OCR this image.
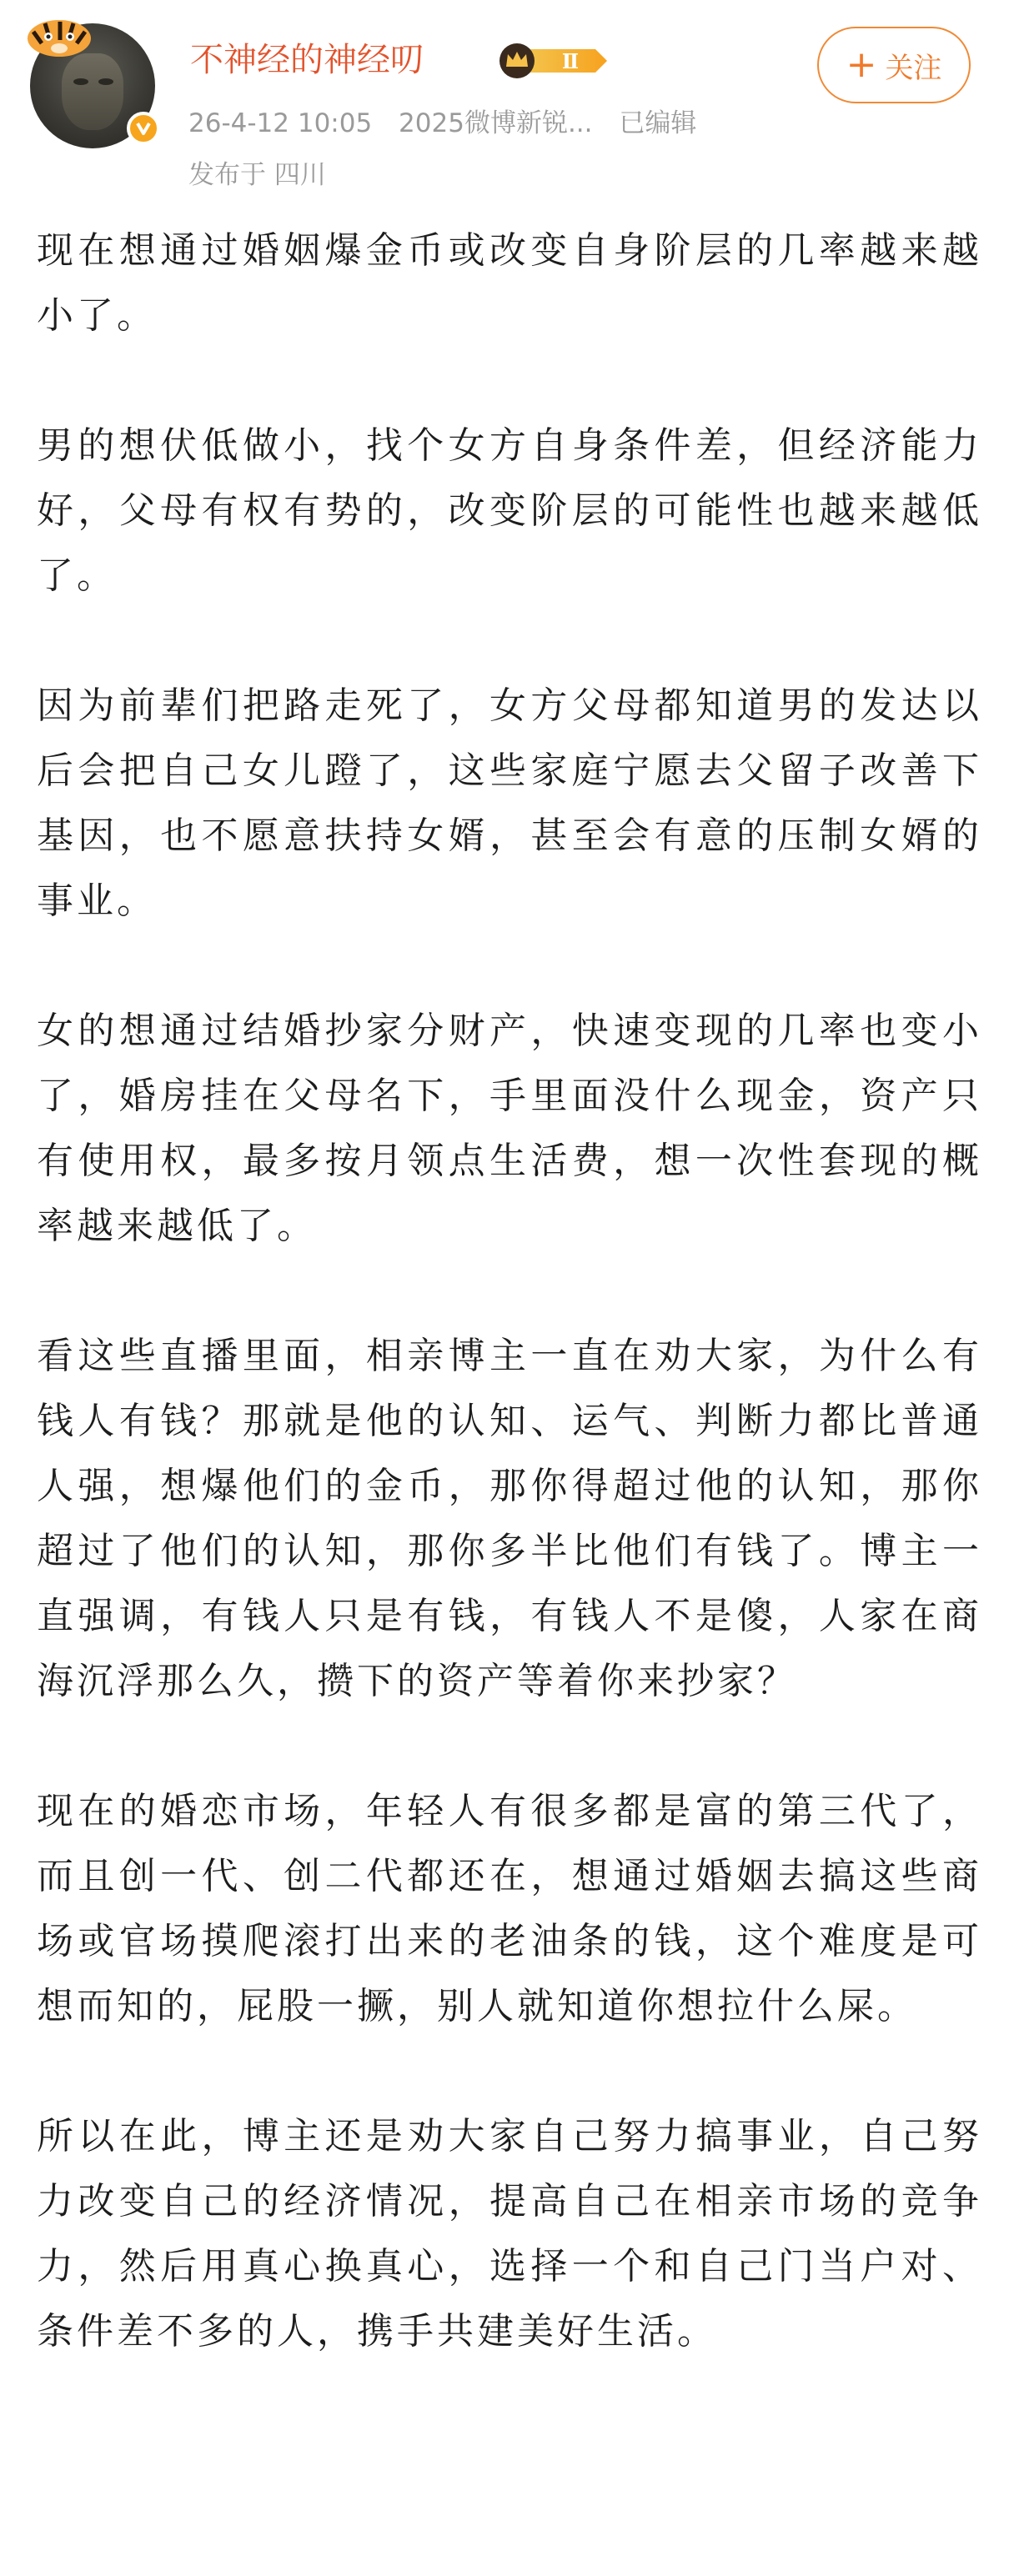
不神经的神经叨	Ⅱ
26-4-12 10:05 2025微博新锐... 已编辑
发布于 四川
+ 关注

现在想通过婚姻爆金币或改变自身阶层的几率越来越小了。

男的想伏低做小，找个女方自身条件差，但经济能力好，父母有权有势的，改变阶层的可能性也越来越低了。

因为前辈们把路走死了，女方父母都知道男的发达以后会把自己女儿蹬了，这些家庭宁愿去父留子改善下基因，也不愿意扶持女婿，甚至会有意的压制女婿的事业。

女的想通过结婚抄家分财产，快速变现的几率也变小了，婚房挂在父母名下，手里面没什么现金，资产只有使用权，最多按月领点生活费，想一次性套现的概率越来越低了。

看这些直播里面，相亲博主一直在劝大家，为什么有钱人有钱？那就是他的认知、运气、判断力都比普通人强，想爆他们的金币，那你得超过他的认知，那你超过了他们的认知，那你多半比他们有钱了。博主一直强调，有钱人只是有钱，有钱人不是傻，人家在商海沉浮那么久，攒下的资产等着你来抄家？

现在的婚恋市场，年轻人有很多都是富的第三代了，而且创一代、创二代都还在，想通过婚姻去搞这些商场或官场摸爬滚打出来的老油条的钱，这个难度是可想而知的，屁股一撅，别人就知道你想拉什么屎。

所以在此，博主还是劝大家自己努力搞事业，自己努力改变自己的经济情况，提高自己在相亲市场的竞争力，然后用真心换真心，选择一个和自己门当户对、条件差不多的人，携手共建美好生活。
